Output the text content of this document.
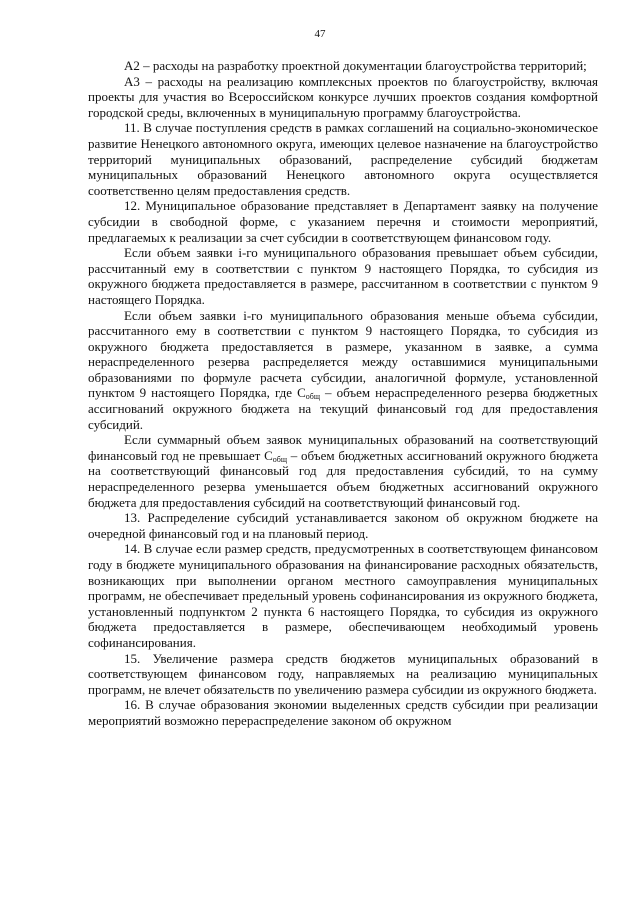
47

A2 – расходы на разработку проектной документации благоустройства территорий;

A3 – расходы на реализацию комплексных проектов по благоустройству, включая проекты для участия во Всероссийском конкурсе лучших проектов создания комфортной городской среды, включенных в муниципальную программу благоустройства.

11. В случае поступления средств в рамках соглашений на социально-экономическое развитие Ненецкого автономного округа, имеющих целевое назначение на благоустройство территорий муниципальных образований, распределение субсидий бюджетам муниципальных образований Ненецкого автономного округа осуществляется соответственно целям предоставления средств.

12. Муниципальное образование представляет в Департамент заявку на получение субсидии в свободной форме, с указанием перечня и стоимости мероприятий, предлагаемых к реализации за счет субсидии в соответствующем финансовом году.

Если объем заявки i-го муниципального образования превышает объем субсидии, рассчитанный ему в соответствии с пунктом 9 настоящего Порядка, то субсидия из окружного бюджета предоставляется в размере, рассчитанном в соответствии с пунктом 9 настоящего Порядка.

Если объем заявки i-го муниципального образования меньше объема субсидии, рассчитанного ему в соответствии с пунктом 9 настоящего Порядка, то субсидия из окружного бюджета предоставляется в размере, указанном в заявке, а сумма нераспределенного резерва распределяется между оставшимися муниципальными образованиями по формуле расчета субсидии, аналогичной формуле, установленной пунктом 9 настоящего Порядка, где $С_{общ}$ – объем нераспределенного резерва бюджетных ассигнований окружного бюджета на текущий финансовый год для предоставления субсидий.

Если суммарный объем заявок муниципальных образований на соответствующий финансовый год не превышает $С_{общ}$ – объем бюджетных ассигнований окружного бюджета на соответствующий финансовый год для предоставления субсидий, то на сумму нераспределенного резерва уменьшается объем бюджетных ассигнований окружного бюджета для предоставления субсидий на соответствующий финансовый год.

13. Распределение субсидий устанавливается законом об окружном бюджете на очередной финансовый год и на плановый период.

14. В случае если размер средств, предусмотренных в соответствующем финансовом году в бюджете муниципального образования на финансирование расходных обязательств, возникающих при выполнении органом местного самоуправления муниципальных программ, не обеспечивает предельный уровень софинансирования из окружного бюджета, установленный подпунктом 2 пункта 6 настоящего Порядка, то субсидия из окружного бюджета предоставляется в размере, обеспечивающем необходимый уровень софинансирования.

15. Увеличение размера средств бюджетов муниципальных образований в соответствующем финансовом году, направляемых на реализацию муниципальных программ, не влечет обязательств по увеличению размера субсидии из окружного бюджета.

16. В случае образования экономии выделенных средств субсидии при реализации мероприятий возможно перераспределение законом об окружном
